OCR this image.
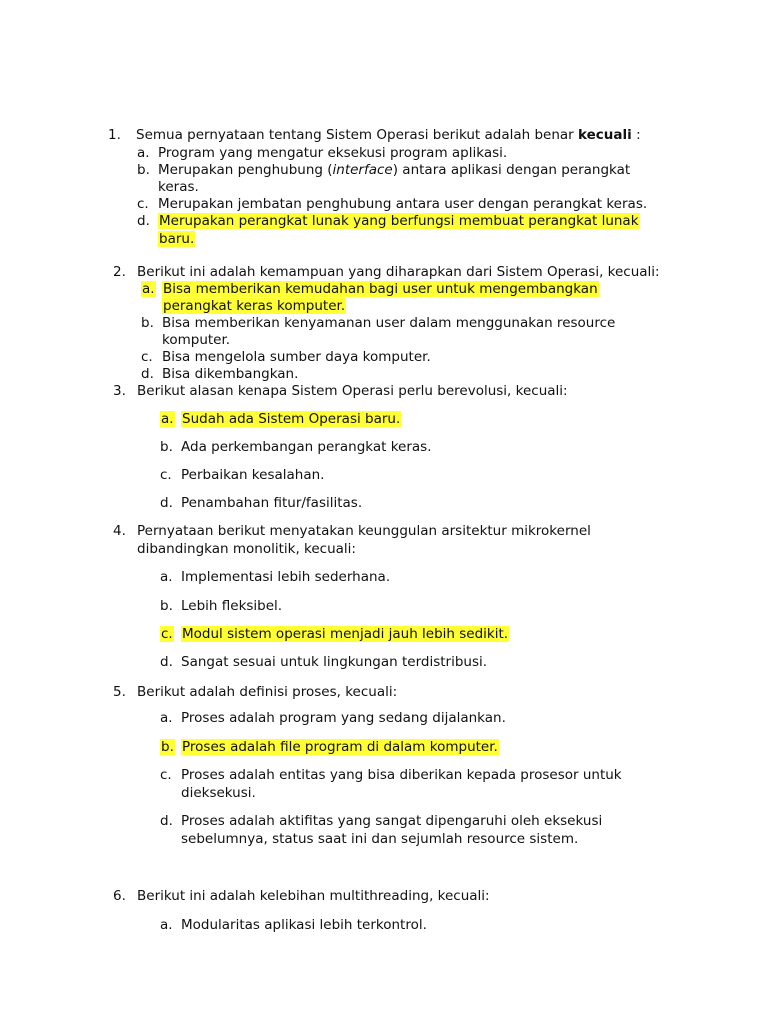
1. Semua pernyataan tentang Sistem Operasi berikut adalah benar kecuali :
a. Program yang mengatur eksekusi program aplikasi.
b. Merupakan penghubung (interface) antara aplikasi dengan perangkat
keras.
c. Merupakan jembatan penghubung antara user dengan perangkat keras.
d. Merupakan perangkat lunak yang berfungsi membuat perangkat lunak
baru.
2. Berikut ini adalah kemampuan yang diharapkan dari Sistem Operasi, kecuali:
a. Bisa memberikan kemudahan bagi user untuk mengembangkan
perangkat keras komputer.
b. Bisa memberikan kenyamanan user dalam menggunakan resource
komputer.
c. Bisa mengelola sumber daya komputer.
d. Bisa dikembangkan.
3. Berikut alasan kenapa Sistem Operasi perlu berevolusi, kecuali:
a. Sudah ada Sistem Operasi baru.
b. Ada perkembangan perangkat keras.
c. Perbaikan kesalahan.
d. Penambahan fitur/fasilitas.
4. Pernyataan berikut menyatakan keunggulan arsitektur mikrokernel
dibandingkan monolitik, kecuali:
a. Implementasi lebih sederhana.
b. Lebih fleksibel.
c. Modul sistem operasi menjadi jauh lebih sedikit.
d. Sangat sesuai untuk lingkungan terdistribusi.
5. Berikut adalah definisi proses, kecuali:
a. Proses adalah program yang sedang dijalankan.
b. Proses adalah file program di dalam komputer.
c. Proses adalah entitas yang bisa diberikan kepada prosesor untuk
dieksekusi.
d. Proses adalah aktifitas yang sangat dipengaruhi oleh eksekusi
sebelumnya, status saat ini dan sejumlah resource sistem.
6. Berikut ini adalah kelebihan multithreading, kecuali:
a. Modularitas aplikasi lebih terkontrol.
